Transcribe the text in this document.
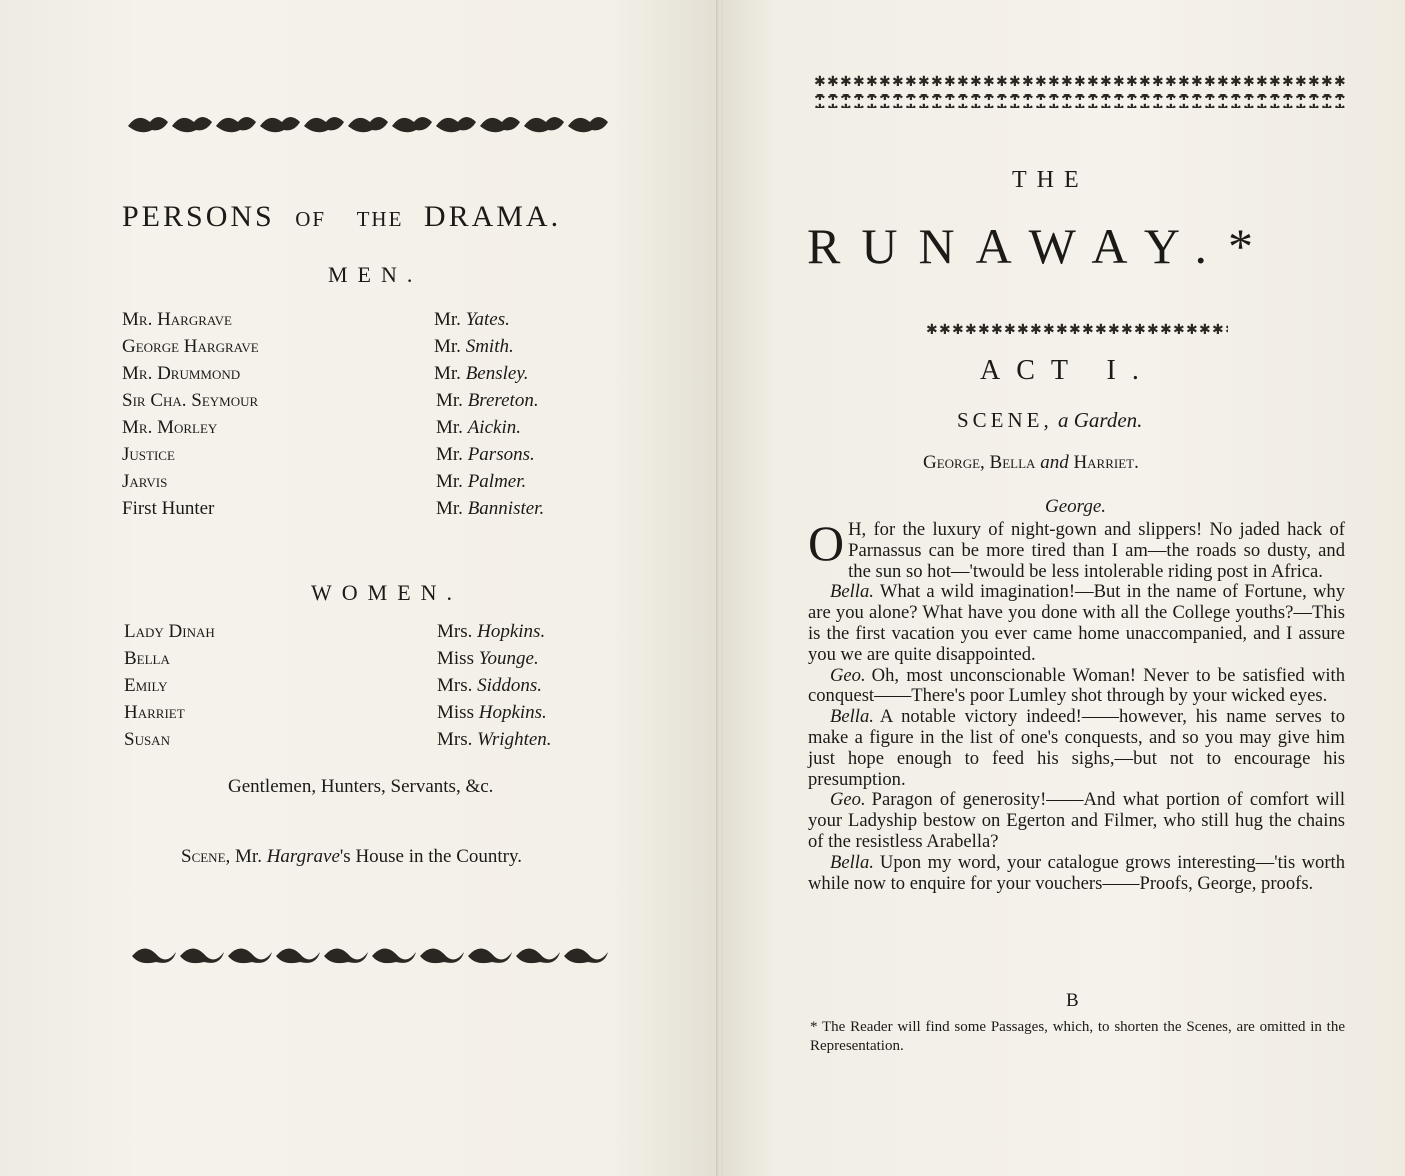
PERSONS OF THE DRAMA.
MEN.
Mr. Hargrave	Mr. Yates.
George Hargrave	Mr. Smith.
Mr. Drummond	Mr. Bensley.
Sir Cha. Seymour	Mr. Brereton.
Mr. Morley	Mr. Aickin.
Justice	Mr. Parsons.
Jarvis	Mr. Palmer.
First Hunter	Mr. Bannister.
WOMEN.
Lady Dinah	Mrs. Hopkins.
Bella	Miss Younge.
Emily	Mrs. Siddons.
Harriet	Miss Hopkins.
Susan	Mrs. Wrighten.
Gentlemen, Hunters, Servants, &c.
Scene, Mr. Hargrave's House in the Country.
THE
RUNAWAY.*
ACT I.
SCENE, a Garden.
George, Bella and Harriet.
George.

O H, for the luxury of night-gown and slippers! No jaded hack of Parnassus can be more tired than I am—the roads so dusty, and the sun so hot—'twould be less intolerable riding post in Africa.

Bella. What a wild imagination!—But in the name of Fortune, why are you alone? What have you done with all the College youths?—This is the first vacation you ever came home unaccompanied, and I assure you we are quite disappointed.

Geo. Oh, most unconscionable Woman! Never to be satisfied with conquest——There's poor Lumley shot through by your wicked eyes.

Bella. A notable victory indeed!——however, his name serves to make a figure in the list of one's conquests, and so you may give him just hope enough to feed his sighs,—but not to encourage his presumption.

Geo. Paragon of generosity!——And what portion of comfort will your Ladyship bestow on Egerton and Filmer, who still hug the chains of the resistless Arabella?

Bella. Upon my word, your catalogue grows interesting—'tis worth while now to enquire for your vouchers——Proofs, George, proofs.

B
* The Reader will find some Passages, which, to shorten the Scenes, are omitted in the Representation.
